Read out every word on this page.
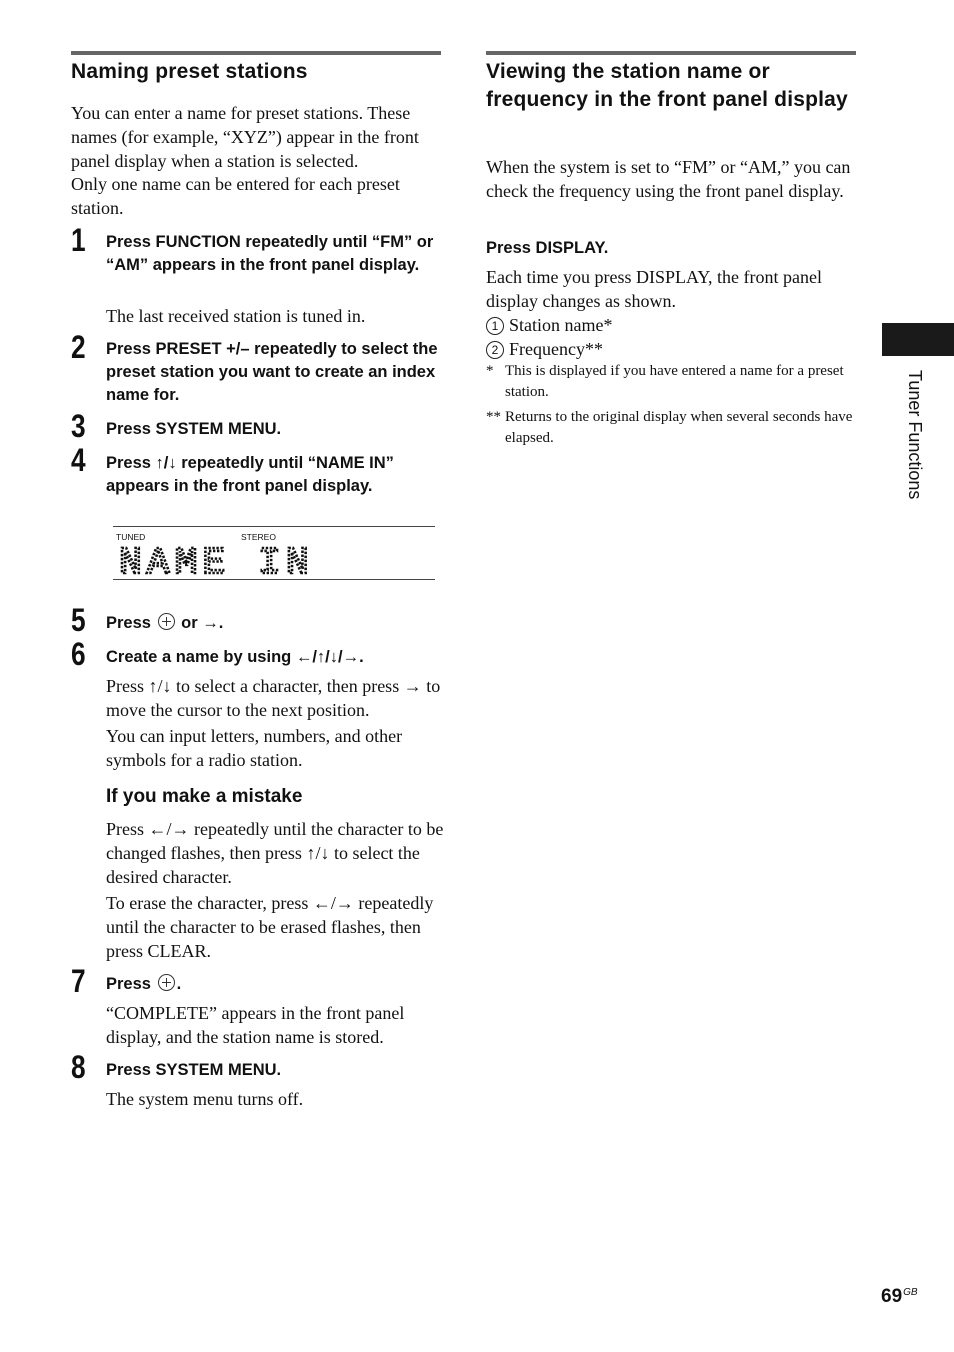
Naming preset stations

You can enter a name for preset stations. These names (for example, “XYZ”) appear in the front panel display when a station is selected.

Only one name can be entered for each preset station.

1 Press FUNCTION repeatedly until “FM” or “AM” appears in the front panel display.

The last received station is tuned in.

2 Press PRESET +/– repeatedly to select the preset station you want to create an index name for.

3 Press SYSTEM MENU.

4 Press ↑/↓ repeatedly until “NAME IN” appears in the front panel display.

TUNED	STEREO
NAME IN
5 Press or →.

6 Create a name by using ←/↑/↓/→.

Press ↑/↓ to select a character, then press → to move the cursor to the next position.

You can input letters, numbers, and other symbols for a radio station.

If you make a mistake

Press ←/→ repeatedly until the character to be changed flashes, then press ↑/↓ to select the desired character.

To erase the character, press ←/→ repeatedly until the character to be erased flashes, then press CLEAR.

7 Press .

“COMPLETE” appears in the front panel display, and the station name is stored.

8 Press SYSTEM MENU.

The system menu turns off.

Viewing the station name or frequency in the front panel display

When the system is set to “FM” or “AM,” you can check the frequency using the front panel display.

Press DISPLAY.

Each time you press DISPLAY, the front panel display changes as shown.

1 Station name*

2 Frequency**

* This is displayed if you have entered a name for a preset station.
** Returns to the original display when several seconds have elapsed.	Tuner Functions
$69^{GB}$
